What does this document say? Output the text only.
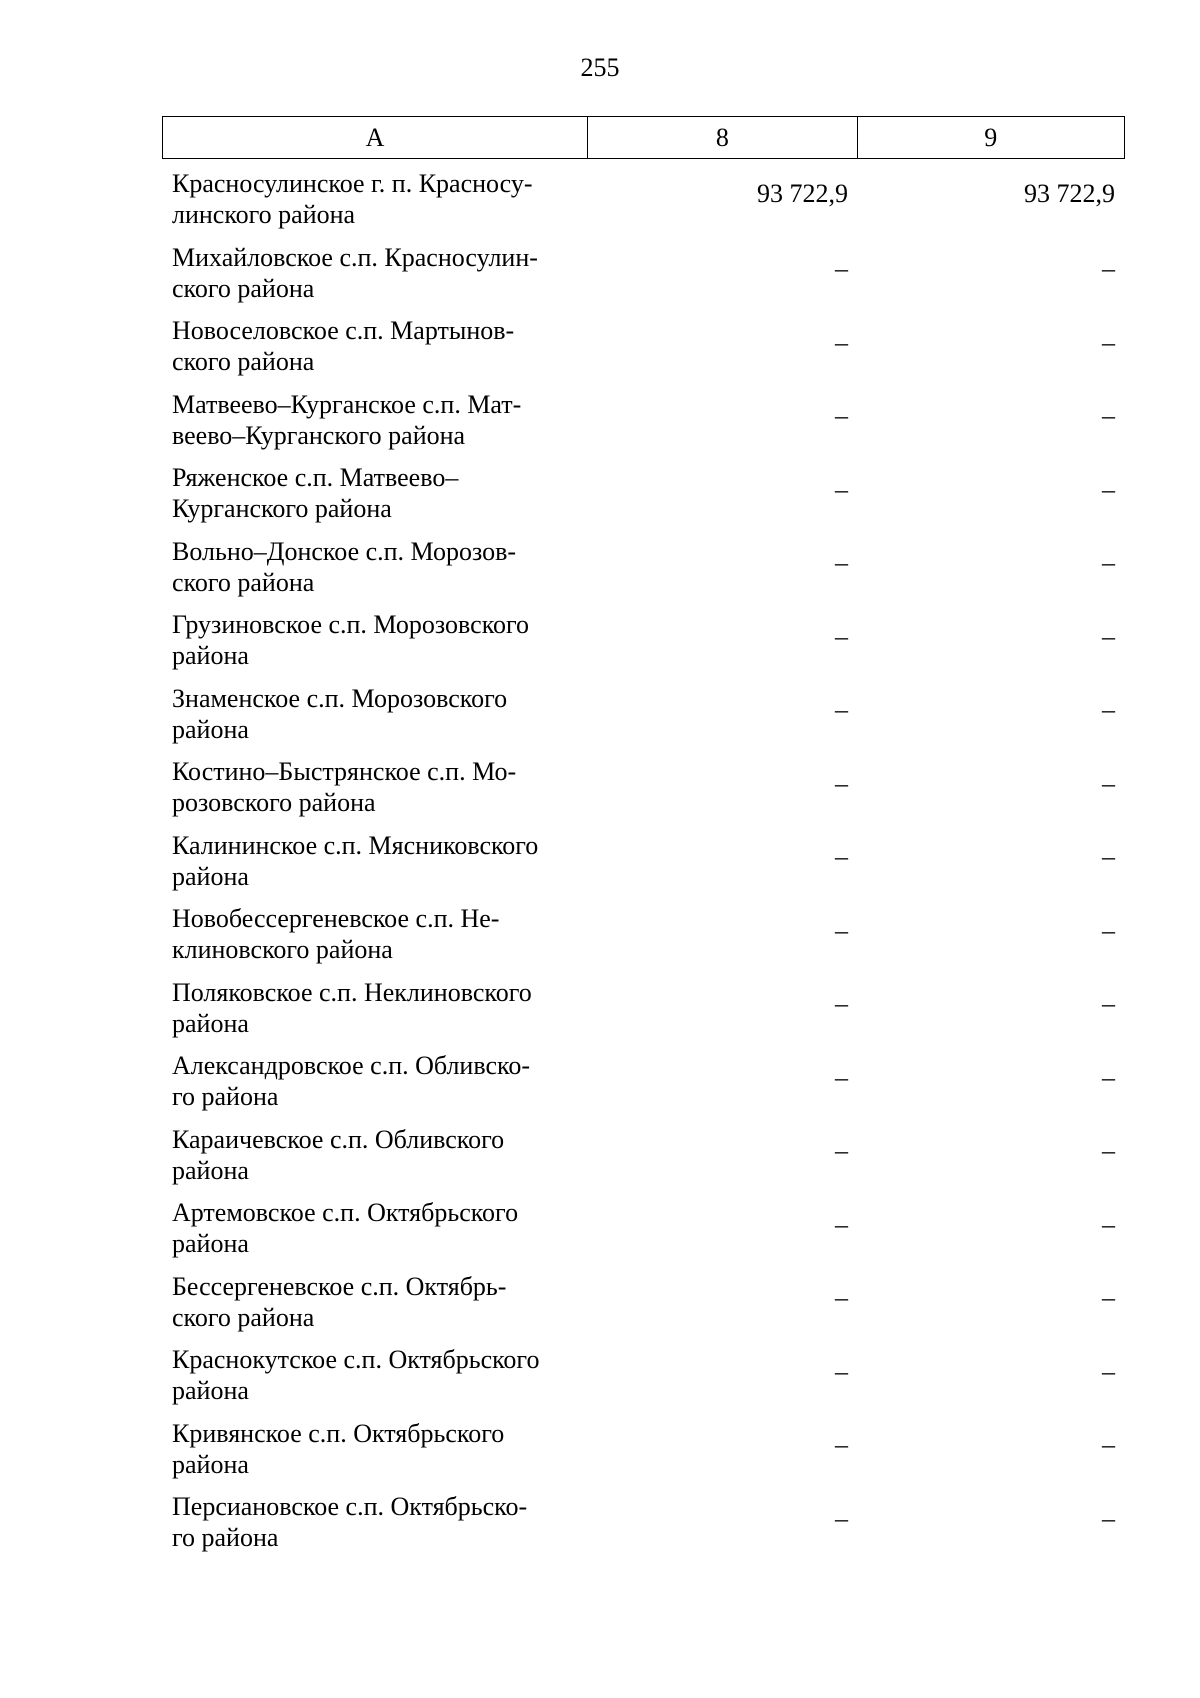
255
А	8	9
Красносулинское г. п. Красносу-
линского района
93 722,9	93 722,9
Михайловское с.п. Красносулин-
ского района
–	–
Новоселовское с.п. Мартынов-
ского района
–	–
Матвеево–Курганское с.п. Мат-
веево–Курганского района
–	–
Ряженское с.п. Матвеево–
Курганского района
–	–
Вольно–Донское с.п. Морозов-
ского района
–	–
Грузиновское с.п. Морозовского
района
–	–
Знаменское с.п. Морозовского
района
–	–
Костино–Быстрянское с.п. Мо-
розовского района
–	–
Калининское с.п. Мясниковского
района
–	–
Новобессергеневское с.п. Не-
клиновского района
–	–
Поляковское с.п. Неклиновского
района
–	–
Александровское с.п. Обливско-
го района
–	–
Караичевское с.п. Обливского
района
–	–
Артемовское с.п. Октябрьского
района
–	–
Бессергеневское с.п. Октябрь-
ского района
–	–
Краснокутское с.п. Октябрьского
района
–	–
Кривянское с.п. Октябрьского
района
–	–
Персиановское с.п. Октябрьско-
го района
–	–
